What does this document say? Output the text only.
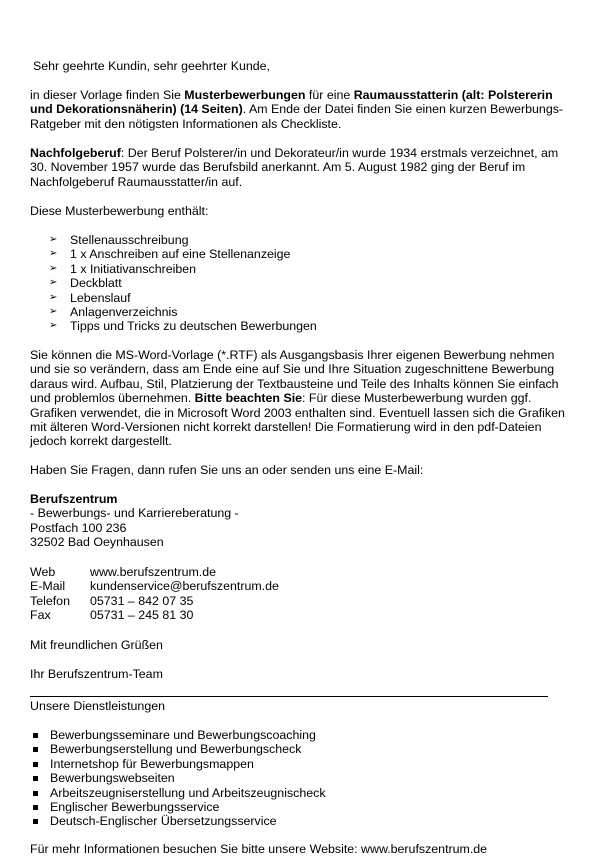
Sehr geehrte Kundin, sehr geehrter Kunde,

in dieser Vorlage finden Sie Musterbewerbungen für eine Raumausstatterin (alt: Polstererin und Dekorationsnäherin) (14 Seiten). Am Ende der Datei finden Sie einen kurzen Bewerbungs-Ratgeber mit den nötigsten Informationen als Checkliste.

Nachfolgeberuf: Der Beruf Polsterer/in und Dekorateur/in wurde 1934 erstmals verzeichnet, am 30. November 1957 wurde das Berufsbild anerkannt. Am 5. August 1982 ging der Beruf im Nachfolgeberuf Raumausstatter/in auf.

Diese Musterbewerbung enthält:

➢ Stellenausschreibung
➢ 1 x Anschreiben auf eine Stellenanzeige
➢ 1 x Initiativanschreiben
➢ Deckblatt
➢ Lebenslauf
➢ Anlagenverzeichnis
➢ Tipps und Tricks zu deutschen Bewerbungen

Sie können die MS-Word-Vorlage (*.RTF) als Ausgangsbasis Ihrer eigenen Bewerbung nehmen und sie so verändern, dass am Ende eine auf Sie und Ihre Situation zugeschnittene Bewerbung daraus wird. Aufbau, Stil, Platzierung der Textbausteine und Teile des Inhalts können Sie einfach und problemlos übernehmen. Bitte beachten Sie: Für diese Musterbewerbung wurden ggf. Grafiken verwendet, die in Microsoft Word 2003 enthalten sind. Eventuell lassen sich die Grafiken mit älteren Word-Versionen nicht korrekt darstellen! Die Formatierung wird in den pdf-Dateien jedoch korrekt dargestellt.

Haben Sie Fragen, dann rufen Sie uns an oder senden uns eine E-Mail:

Berufszentrum

- Bewerbungs- und Karriereberatung -

Postfach 100 236

32502 Bad Oeynhausen

Web	www.berufszentrum.de
E-Mail kundenservice@berufszentrum.de
Telefon 05731 – 842 07 35
Fax	05731 – 245 81 30

Mit freundlichen Grüßen

Ihr Berufszentrum-Team

Unsere Dienstleistungen

Bewerbungsseminare und Bewerbungscoaching
Bewerbungserstellung und Bewerbungscheck
Internetshop für Bewerbungsmappen
Bewerbungswebseiten
Arbeitszeugniserstellung und Arbeitszeugnischeck
Englischer Bewerbungsservice
Deutsch-Englischer Übersetzungsservice

Für mehr Informationen besuchen Sie bitte unsere Website: www.berufszentrum.de
